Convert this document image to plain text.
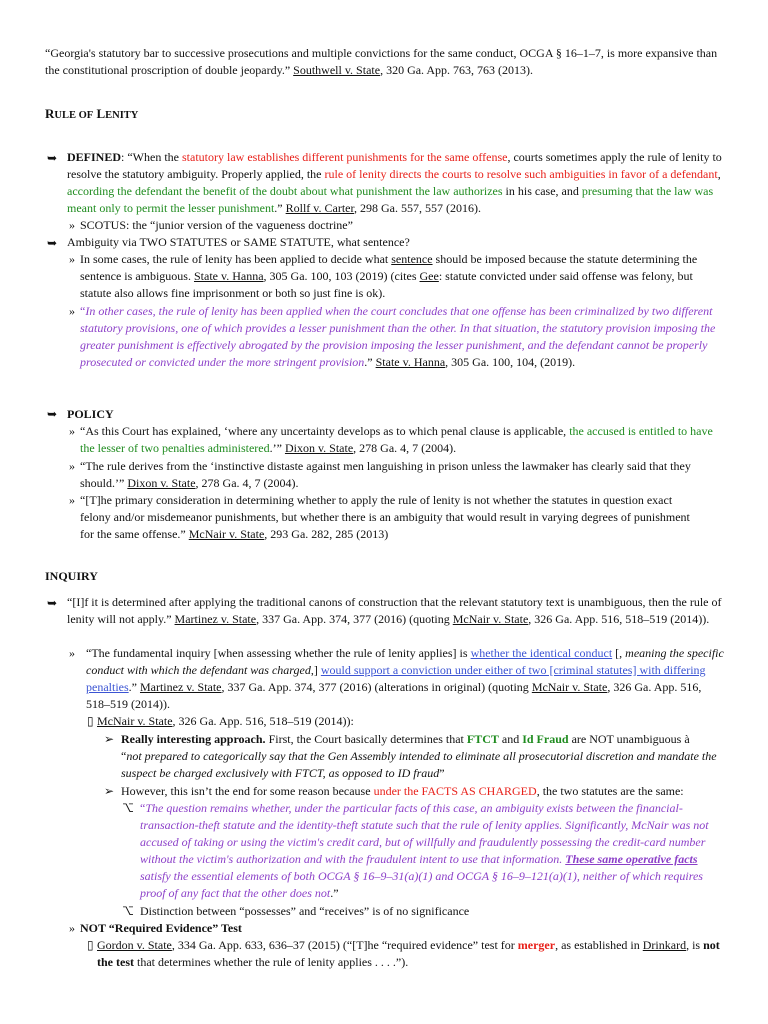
“Georgia's statutory bar to successive prosecutions and multiple convictions for the same conduct, OCGA § 16–1–7, is more expansive than the constitutional proscription of double jeopardy.” Southwell v. State, 320 Ga. App. 763, 763 (2013).
RULE OF LENITY
➥ DEFINED: “When the statutory law establishes different punishments for the same offense, courts sometimes apply the rule of lenity to resolve the statutory ambiguity. Properly applied, the rule of lenity directs the courts to resolve such ambiguities in favor of a defendant, according the defendant the benefit of the doubt about what punishment the law authorizes in his case, and presuming that the law was meant only to permit the lesser punishment.” Rollf v. Carter, 298 Ga. 557, 557 (2016).
» SCOTUS: the “junior version of the vagueness doctrine”
➥ Ambiguity via TWO STATUTES or SAME STATUTE, what sentence?
» In some cases, the rule of lenity has been applied to decide what sentence should be imposed because the statute determining the sentence is ambiguous. State v. Hanna, 305 Ga. 100, 103 (2019) (cites Gee: statute convicted under said offense was felony, but statute also allows fine imprisonment or both so just fine is ok).
» “In other cases, the rule of lenity has been applied when the court concludes that one offense has been criminalized by two different statutory provisions, one of which provides a lesser punishment than the other. In that situation, the statutory provision imposing the greater punishment is effectively abrogated by the provision imposing the lesser punishment, and the defendant cannot be properly prosecuted or convicted under the more stringent provision.” State v. Hanna, 305 Ga. 100, 104, (2019).
➥ POLICY
» “As this Court has explained, ‘where any uncertainty develops as to which penal clause is applicable, the accused is entitled to have the lesser of two penalties administered.’” Dixon v. State, 278 Ga. 4, 7 (2004).
» “The rule derives from the ‘instinctive distaste against men languishing in prison unless the lawmaker has clearly said that they should.’” Dixon v. State, 278 Ga. 4, 7 (2004).
» “[T]he primary consideration in determining whether to apply the rule of lenity is not whether the statutes in question exact felony and/or misdemeanor punishments, but whether there is an ambiguity that would result in varying degrees of punishment for the same offense.” McNair v. State, 293 Ga. 282, 285 (2013)
INQUIRY
➥ “[I]f it is determined after applying the traditional canons of construction that the relevant statutory text is unambiguous, then the rule of lenity will not apply.” Martinez v. State, 337 Ga. App. 374, 377 (2016) (quoting McNair v. State, 326 Ga. App. 516, 518–519 (2014)).
» “The fundamental inquiry [when assessing whether the rule of lenity applies] is whether the identical conduct [, meaning the specific conduct with which the defendant was charged,] would support a conviction under either of two [criminal statutes] with differing penalties.” Martinez v. State, 337 Ga. App. 374, 377 (2016) (alterations in original) (quoting McNair v. State, 326 Ga. App. 516, 518–519 (2014)).
▯ McNair v. State, 326 Ga. App. 516, 518–519 (2014)):
➢ Really interesting approach. First, the Court basically determines that FTCT and Id Fraud are NOT unambiguous à
“not prepared to categorically say that the Gen Assembly intended to eliminate all prosecutorial discretion and mandate the suspect be charged exclusively with FTCT, as opposed to ID fraud”
➢ However, this isn’t the end for some reason because under the FACTS AS CHARGED, the two statutes are the same:
⌥ “The question remains whether, under the particular facts of this case, an ambiguity exists between the financial-transaction-theft statute and the identity-theft statute such that the rule of lenity applies. Significantly, McNair was not accused of taking or using the victim's credit card, but of willfully and fraudulently possessing the credit-card number without the victim's authorization and with the fraudulent intent to use that information. These same operative facts satisfy the essential elements of both OCGA § 16–9–31(a)(1) and OCGA § 16–9–121(a)(1), neither of which requires proof of any fact that the other does not.”
⌥ Distinction between “possesses” and “receives” is of no significance
» NOT “Required Evidence” Test
▯ Gordon v. State, 334 Ga. App. 633, 636–37 (2015) (“[T]he “required evidence” test for merger, as established in Drinkard, is not the test that determines whether the rule of lenity applies . . . .”).
